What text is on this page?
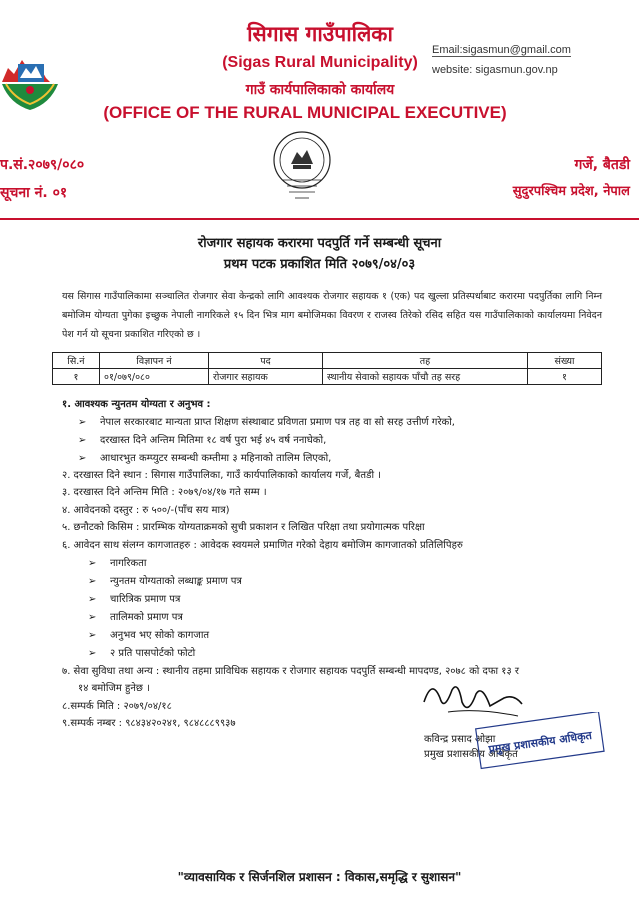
सिगास गाउँपालिका
(Sigas Rural Municipality)
गाउँ कार्यपालिकाको कार्यालय
(OFFICE OF THE RURAL MUNICIPAL EXECUTIVE)
Email:sigasmun@gmail.com
website: sigasmun.gov.np
प.सं.२०७९/०८०
सूचना नं. ०१
गर्जे, बैतडी
सुदुरपश्चिम प्रदेश, नेपाल
रोजगार सहायक करारमा पदपुर्ति गर्ने सम्बन्धी सूचना
प्रथम पटक प्रकाशित मिति २०७९/०४/०३
यस सिगास गाउँपालिकामा सञ्चालित रोजगार सेवा केन्द्रको लागि आवश्यक रोजगार सहायक १ (एक) पद खुल्ला प्रतिस्पर्धाबाट करारमा पदपुर्तिका लागि निम्न बमोजिम योग्यता पुगेका इच्छुक नेपाली नागरिकले १५ दिन भित्र माग बमोजिमका विवरण र राजस्व तिरेको रसिद सहित यस गाउँपालिकाको कार्यालयमा निवेदन पेश गर्न यो सूचना प्रकाशित गरिएको छ ।
सि.नं	विज्ञापन नं	पद	तह	संख्या
१	०१/०७९/०८०	रोजगार सहायक	स्थानीय सेवाको सहायक पाँचौ तह सरह	१
१. आवश्यक न्युनतम योग्यता र अनुभव :
➢ नेपाल सरकारबाट मान्यता प्राप्त शिक्षण संस्थाबाट प्रविणता प्रमाण पत्र तह वा सो सरह उत्तीर्ण गरेको,
➢ दरखास्त दिने अन्तिम मितिमा १८ वर्ष पुरा भई ४५ वर्ष ननाघेको,
➢ आधारभुत कम्प्युटर सम्बन्धी कम्तीमा ३ महिनाको तालिम लिएको,
२. दरखास्त दिने स्थान : सिगास गाउँपालिका, गाउँ कार्यपालिकाको कार्यालय गर्जे, बैतडी ।
३. दरखास्त दिने अन्तिम मिति : २०७९/०४/१७ गते सम्म ।
४. आवेदनको दस्तुर : रु ५००/-(पाँच सय मात्र)
५. छनौटको किसिम : प्रारम्भिक योग्यताक्रमको सुची प्रकाशन र लिखित परिक्षा तथा प्रयोगात्मक परिक्षा
६. आवेदन साथ संलग्न कागजातहरु : आवेदक स्वयमले प्रमाणित गरेको देहाय बमोजिम कागजातको प्रतिलिपिहरु
➢ नागरिकता
➢ न्युनतम योग्यताको लब्धाङ्क प्रमाण पत्र
➢ चारित्रिक प्रमाण पत्र
➢ तालिमको प्रमाण पत्र
➢ अनुभव भए सोको कागजात
➢ २ प्रति पासपोर्टको फोटो
७. सेवा सुविधा तथा अन्य : स्थानीय तहमा प्राविधिक सहायक र रोजगार सहायक पदपुर्ति सम्बन्धी मापदण्ड, २०७८ को दफा १३ र
१४ बमोजिम हुनेछ ।
८.सम्पर्क मिति : २०७९/०४/१८
९.सम्पर्क नम्बर : ९८४३४२०२४१, ९८४८८८९९३७
कविन्द्र प्रसाद ओझा
प्रमुख प्रशासकीय अधिकृत
प्रमुख प्रशासकीय अधिकृत
"व्यावसायिक र सिर्जनशिल प्रशासन : विकास,समृद्धि र सुशासन"
